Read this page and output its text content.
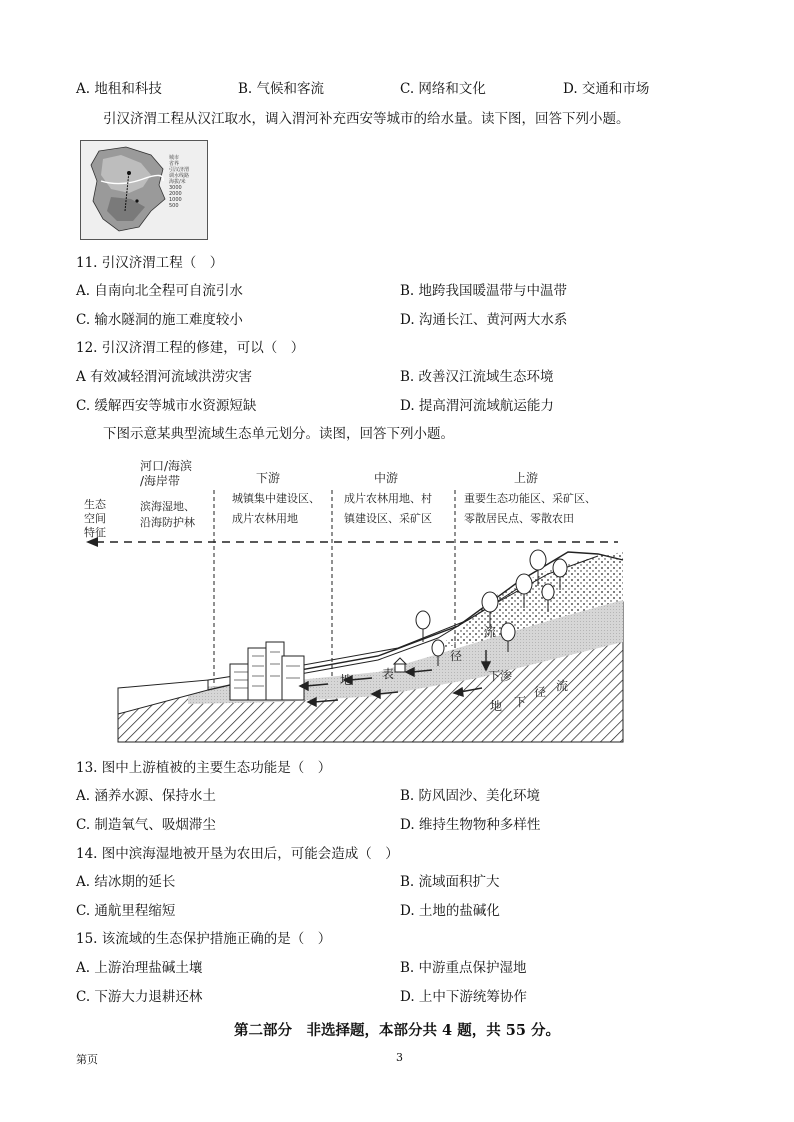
A. 地租和科技	B. 气候和客流	C. 网络和文化	D. 交通和市场
引汉济渭工程从汉江取水，调入渭河补充西安等城市的给水量。读下图，回答下列小题。
城市
省界
引汉济渭
调水线路
海拔/米
3000
2000
1000
500
11. 引汉济渭工程（　）
A. 自南向北全程可自流引水	B. 地跨我国暖温带与中温带
C. 输水隧洞的施工难度较小	D. 沟通长江、黄河两大水系
12. 引汉济渭工程的修建，可以（　）
A 有效减轻渭河流域洪涝灾害	B. 改善汉江流域生态环境
C. 缓解西安等城市水资源短缺	D. 提高渭河流域航运能力
下图示意某典型流域生态单元划分。读图，回答下列小题。
河口/海滨
/海岸带	下游	中游	上游
滨海湿地、
沿海防护林
城镇集中建设区、
成片农林用地
成片农林用地、村
镇建设区、采矿区
重要生态功能区、采矿区、
零散居民点、零散农田
生态
空间
特征
地 表
径
流
下渗
地 下
径 流
13. 图中上游植被的主要生态功能是（　）
A. 涵养水源、保持水土	B. 防风固沙、美化环境
C. 制造氧气、吸烟滞尘	D. 维持生物物种多样性
14. 图中滨海湿地被开垦为农田后，可能会造成（　）
A. 结冰期的延长	B. 流域面积扩大
C. 通航里程缩短	D. 土地的盐碱化
15. 该流域的生态保护措施正确的是（　）
A. 上游治理盐碱土壤	B. 中游重点保护湿地
C. 下游大力退耕还林	D. 上中下游统筹协作
第二部分　非选择题，本部分共 4 题，共 55 分。
第页	3
